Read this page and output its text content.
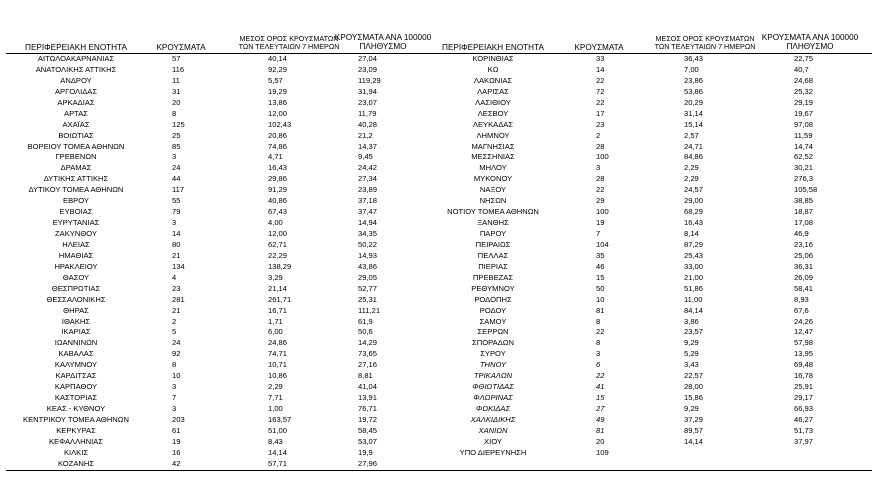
ΠΕΡΙΦΕΡΕΙΑΚΗ ΕΝΟΤΗΤΑ	ΚΡΟΥΣΜΑΤΑ
ΜΕΣΟΣ ΟΡΟΣ ΚΡΟΥΣΜΑΤΩΝ
ΤΩΝ ΤΕΛΕΥΤΑΙΩΝ 7 ΗΜΕΡΩΝ
ΚΡΟΥΣΜΑΤΑ ΑΝΑ 100000
ΠΛΗΘΥΣΜΟ
ΑΙΤΩΛΟΑΚΑΡΝΑΝΙΑΣ	57	40,14	27,04
ΑΝΑΤΟΛΙΚΗΣ ΑΤΤΙΚΗΣ	116	92,29	23,09
ΑΝΔΡΟΥ	11	5,57	119,29
ΑΡΓΟΛΙΔΑΣ	31	19,29	31,94
ΑΡΚΑΔΙΑΣ	20	13,86	23,07
ΑΡΤΑΣ	8	12,00	11,79
ΑΧΑΪΑΣ	125	102,43	40,28
ΒΟΙΩΤΙΑΣ	25	20,86	21,2
ΒΟΡΕΙΟΥ ΤΟΜΕΑ ΑΘΗΝΩΝ	85	74,86	14,37
ΓΡΕΒΕΝΩΝ	3	4,71	9,45
ΔΡΑΜΑΣ	24	16,43	24,42
ΔΥΤΙΚΗΣ ΑΤΤΙΚΗΣ	44	29,86	27,34
ΔΥΤΙΚΟΥ ΤΟΜΕΑ ΑΘΗΝΩΝ	117	91,29	23,89
ΕΒΡΟΥ	55	40,86	37,18
ΕΥΒΟΙΑΣ	79	67,43	37,47
ΕΥΡΥΤΑΝΙΑΣ	3	4,00	14,94
ΖΑΚΥΝΘΟΥ	14	12,00	34,35
ΗΛΕΙΑΣ	80	62,71	50,22
ΗΜΑΘΙΑΣ	21	22,29	14,93
ΗΡΑΚΛΕΙΟΥ	134	138,29	43,86
ΘΑΣΟΥ	4	3,29	29,05
ΘΕΣΠΡΩΤΙΑΣ	23	21,14	52,77
ΘΕΣΣΑΛΟΝΙΚΗΣ	281	261,71	25,31
ΘΗΡΑΣ	21	16,71	111,21
ΙΘΑΚΗΣ	2	1,71	61,9
ΙΚΑΡΙΑΣ	5	6,00	50,6
ΙΩΑΝΝΙΝΩΝ	24	24,86	14,29
ΚΑΒΑΛΑΣ	92	74,71	73,65
ΚΑΛΥΜΝΟΥ	8	10,71	27,16
ΚΑΡΔΙΤΣΑΣ	10	10,86	8,81
ΚΑΡΠΑΘΟΥ	3	2,29	41,04
ΚΑΣΤΟΡΙΑΣ	7	7,71	13,91
ΚΕΑΣ - ΚΥΘΝΟΥ	3	1,00	76,71
ΚΕΝΤΡΙΚΟΥ ΤΟΜΕΑ ΑΘΗΝΩΝ	203	163,57	19,72
ΚΕΡΚΥΡΑΣ	61	51,00	58,45
ΚΕΦΑΛΛΗΝΙΑΣ	19	8,43	53,07
ΚΙΛΚΙΣ	16	14,14	19,9
ΚΟΖΑΝΗΣ	42	57,71	27,96
ΠΕΡΙΦΕΡΕΙΑΚΗ ΕΝΟΤΗΤΑ	ΚΡΟΥΣΜΑΤΑ
ΜΕΣΟΣ ΟΡΟΣ ΚΡΟΥΣΜΑΤΩΝ
ΤΩΝ ΤΕΛΕΥΤΑΙΩΝ 7 ΗΜΕΡΩΝ
ΚΡΟΥΣΜΑΤΑ ΑΝΑ 100000
ΠΛΗΘΥΣΜΟ
ΚΟΡΙΝΘΙΑΣ	33	36,43	22,75
ΚΩ	14	7,00	40,7
ΛΑΚΩΝΙΑΣ	22	23,86	24,68
ΛΑΡΙΣΑΣ	72	53,86	25,32
ΛΑΣΙΘΙΟΥ	22	20,29	29,19
ΛΕΣΒΟΥ	17	31,14	19,67
ΛΕΥΚΑΔΑΣ	23	15,14	97,08
ΛΗΜΝΟΥ	2	2,57	11,59
ΜΑΓΝΗΣΙΑΣ	28	24,71	14,74
ΜΕΣΣΗΝΙΑΣ	100	84,86	62,52
ΜΗΛΟΥ	3	2,29	30,21
ΜΥΚΟΝΟΥ	28	2,29	276,3
ΝΑΞΟΥ	22	24,57	105,58
ΝΗΣΩΝ	29	29,00	38,85
ΝΟΤΙΟΥ ΤΟΜΕΑ ΑΘΗΝΩΝ	100	68,29	18,87
ΞΑΝΘΗΣ	19	16,43	17,08
ΠΑΡΟΥ	7	8,14	46,9
ΠΕΙΡΑΙΩΣ	104	87,29	23,16
ΠΕΛΛΑΣ	35	25,43	25,06
ΠΙΕΡΙΑΣ	46	33,00	36,31
ΠΡΕΒΕΖΑΣ	15	21,00	26,09
ΡΕΘΥΜΝΟΥ	50	51,86	58,41
ΡΟΔΟΠΗΣ	10	11,00	8,93
ΡΟΔΟΥ	81	84,14	67,6
ΣΑΜΟΥ	8	3,86	24,26
ΣΕΡΡΩΝ	22	23,57	12,47
ΣΠΟΡΑΔΩΝ	8	9,29	57,98
ΣΥΡΟΥ	3	5,29	13,95
ΤΗΝΟΥ	6	3,43	69,48
ΤΡΙΚΑΛΩΝ	22	22,57	16,78
ΦΘΙΩΤΙΔΑΣ	41	28,00	25,91
ΦΛΩΡΙΝΑΣ	15	15,86	29,17
ΦΩΚΙΔΑΣ	27	9,29	66,93
ΧΑΛΚΙΔΙΚΗΣ	49	37,29	46,27
ΧΑΝΙΩΝ	81	89,57	51,73
ΧΙΟΥ	20	14,14	37,97
ΥΠΟ ΔΙΕΡΕΥΝΗΣΗ	109
